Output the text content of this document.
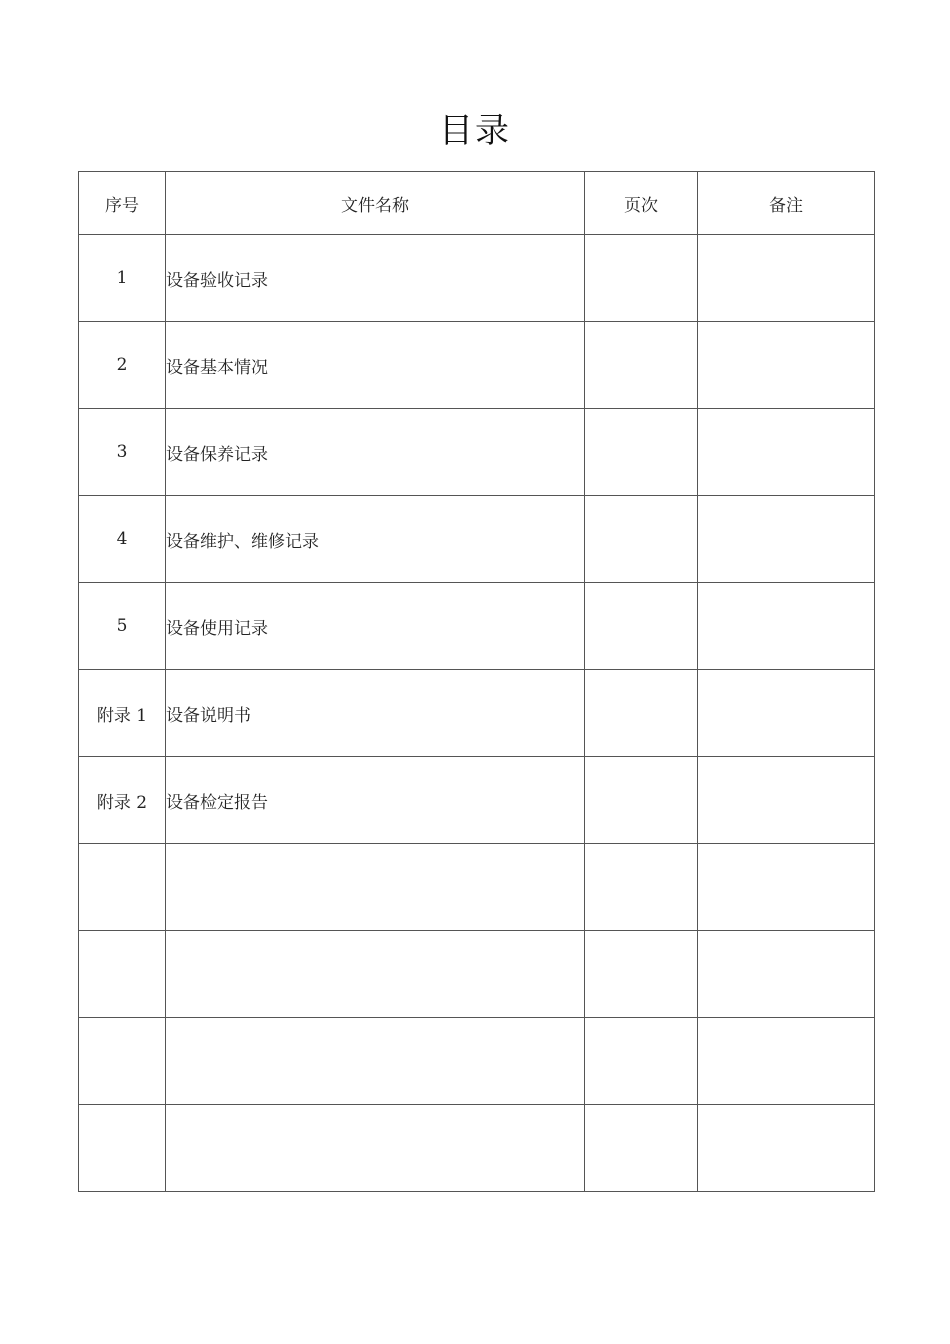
目录
序号	文件名称	页次	备注
1	设备验收记录		
2	设备基本情况		
3	设备保养记录		
4	设备维护、维修记录		
5	设备使用记录		
附录 1	设备说明书		
附录 2	设备检定报告		
